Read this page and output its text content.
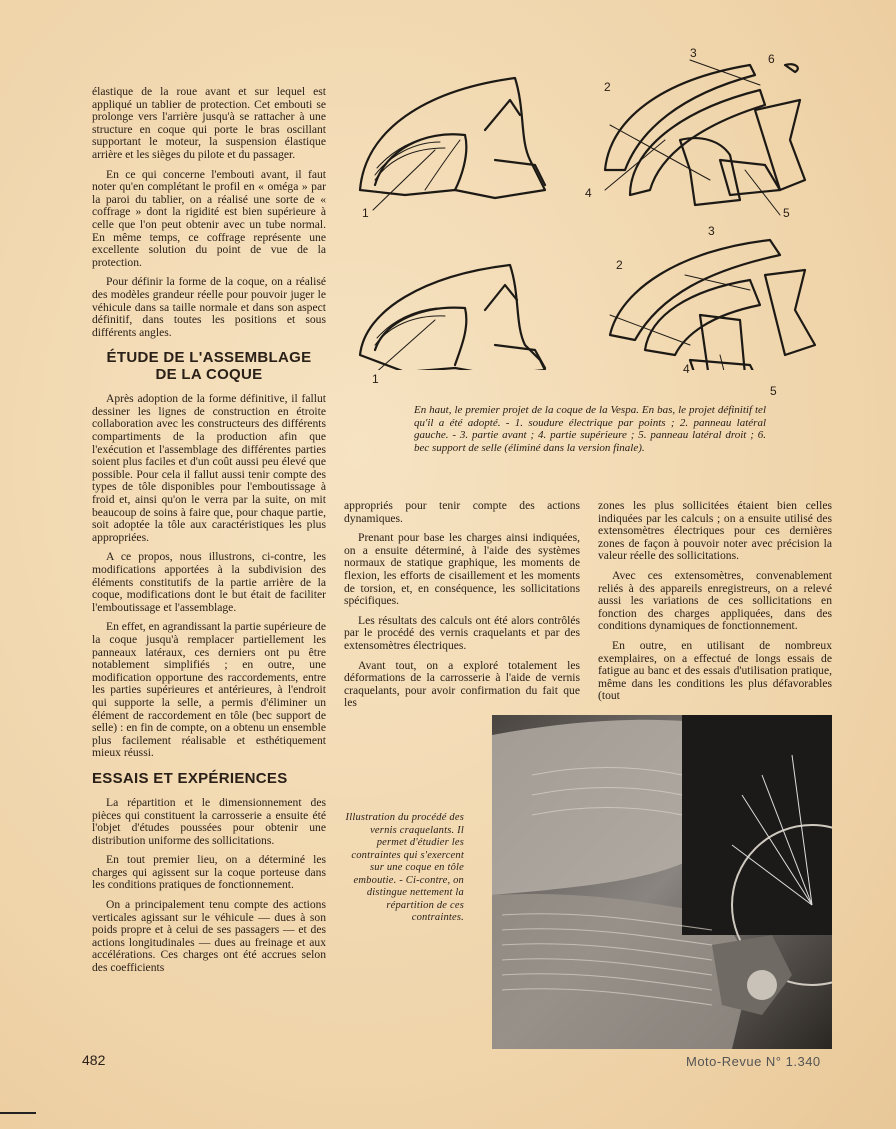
élastique de la roue avant et sur lequel est appliqué un tablier de protection. Cet embouti se prolonge vers l'arrière jusqu'à se rattacher à une structure en coque qui porte le bras oscillant supportant le moteur, la suspension élastique arrière et les sièges du pilote et du passager.

En ce qui concerne l'embouti avant, il faut noter qu'en complétant le profil en « oméga » par la paroi du tablier, on a réalisé une sorte de « coffrage » dont la rigidité est bien supérieure à celle que l'on peut obtenir avec un tube normal. En même temps, ce coffrage représente une excellente solution du point de vue de la protection.

Pour définir la forme de la coque, on a réalisé des modèles grandeur réelle pour pouvoir juger le véhicule dans sa taille normale et dans son aspect définitif, dans toutes les positions et sous différents angles.

ÉTUDE DE L'ASSEMBLAGE
DE LA COQUE

Après adoption de la forme définitive, il fallut dessiner les lignes de construction en étroite collaboration avec les constructeurs des différents compartiments de la production afin que l'exécution et l'assemblage des différentes parties soient plus faciles et d'un coût aussi peu élevé que possible. Pour cela il fallut aussi tenir compte des types de tôle disponibles pour l'emboutissage à froid et, ainsi qu'on le verra par la suite, on mit beaucoup de soins à faire que, pour chaque partie, soit adoptée la tôle aux caractéristiques les plus appropriées.

A ce propos, nous illustrons, ci-contre, les modifications apportées à la subdivision des éléments constitutifs de la partie arrière de la coque, modifications dont le but était de faciliter l'emboutissage et l'assemblage.

En effet, en agrandissant la partie supérieure de la coque jusqu'à remplacer partiellement les panneaux latéraux, ces derniers ont pu être notablement simplifiés ; en outre, une modification opportune des raccordements, entre les parties supérieures et antérieures, à l'endroit qui supporte la selle, a permis d'éliminer un élément de raccordement en tôle (bec support de selle) : en fin de compte, on a obtenu un ensemble plus facilement réalisable et esthétiquement mieux réussi.

ESSAIS ET EXPÉRIENCES

La répartition et le dimensionnement des pièces qui constituent la carrosserie a ensuite été l'objet d'études poussées pour obtenir une distribution uniforme des sollicitations.

En tout premier lieu, on a déterminé les charges qui agissent sur la coque porteuse dans les conditions pratiques de fonctionnement.

On a principalement tenu compte des actions verticales agissant sur le véhicule — dues à son poids propre et à celui de ses passagers — et des actions longitudinales — dues au freinage et aux accélérations. Ces charges ont été accrues selon des coefficients

1
3	6
2
4
5
3
2
1
4
5
En haut, le premier projet de la coque de la Vespa. En bas, le projet définitif tel qu'il a été adopté. - 1. soudure électrique par points ; 2. panneau latéral gauche. - 3. partie avant ; 4. partie supérieure ; 5. panneau latéral droit ; 6. bec support de selle (éliminé dans la version finale).

appropriés pour tenir compte des actions dynamiques.

Prenant pour base les charges ainsi indiquées, on a ensuite déterminé, à l'aide des systèmes normaux de statique graphique, les moments de flexion, les efforts de cisaillement et les moments de torsion, et, en conséquence, les sollicitations spécifiques.

Les résultats des calculs ont été alors contrôlés par le procédé des vernis craquelants et par des extensomètres électriques.

Avant tout, on a exploré totalement les déformations de la carrosserie à l'aide de vernis craquelants, pour avoir confirmation du fait que les

zones les plus sollicitées étaient bien celles indiquées par les calculs ; on a ensuite utilisé des extensomètres électriques pour ces dernières zones de façon à pouvoir noter avec précision la valeur réelle des sollicitations.

Avec ces extensomètres, convenablement reliés à des appareils enregistreurs, on a relevé aussi les variations de ces sollicitations en fonction des charges appliquées, dans des conditions dynamiques de fonctionnement.

En outre, en utilisant de nombreux exemplaires, on a effectué de longs essais de fatigue au banc et des essais d'utilisation pratique, même dans les conditions les plus défavorables (tout

Illustration du procédé des vernis craquelants. Il permet d'étudier les contraintes qui s'exercent sur une coque en tôle emboutie. - Ci-contre, on distingue nettement la répartition de ces contraintes.
482	Moto-Revue N° 1.340
